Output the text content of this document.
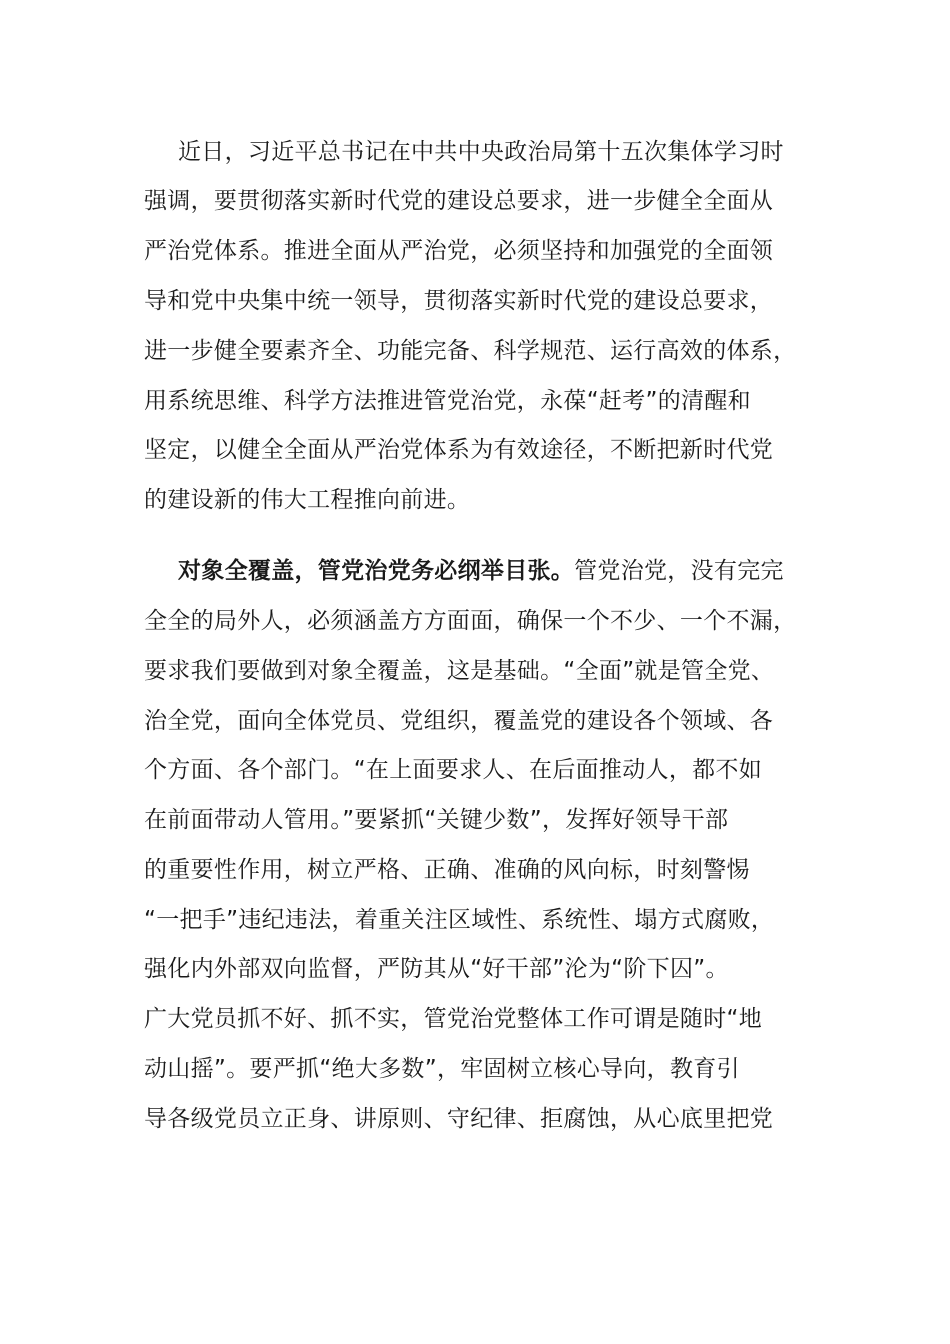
近日，习近平总书记在中共中央政治局第十五次集体学习时
强调，要贯彻落实新时代党的建设总要求，进一步健全全面从
严治党体系。推进全面从严治党，必须坚持和加强党的全面领
导和党中央集中统一领导，贯彻落实新时代党的建设总要求，
进一步健全要素齐全、功能完备、科学规范、运行高效的体系，
用系统思维、科学方法推进管党治党，永葆“赶考”的清醒和
坚定，以健全全面从严治党体系为有效途径，不断把新时代党
的建设新的伟大工程推向前进。
对象全覆盖，管党治党务必纲举目张。管党治党，没有完完
全全的局外人，必须涵盖方方面面，确保一个不少、一个不漏，
要求我们要做到对象全覆盖，这是基础。“全面”就是管全党、
治全党，面向全体党员、党组织，覆盖党的建设各个领域、各
个方面、各个部门。“在上面要求人、在后面推动人，都不如
在前面带动人管用。”要紧抓“关键少数”，发挥好领导干部
的重要性作用，树立严格、正确、准确的风向标，时刻警惕
“一把手”违纪违法，着重关注区域性、系统性、塌方式腐败，
强化内外部双向监督，严防其从“好干部”沦为“阶下囚”。
广大党员抓不好、抓不实，管党治党整体工作可谓是随时“地
动山摇”。要严抓“绝大多数”，牢固树立核心导向，教育引
导各级党员立正身、讲原则、守纪律、拒腐蚀，从心底里把党
